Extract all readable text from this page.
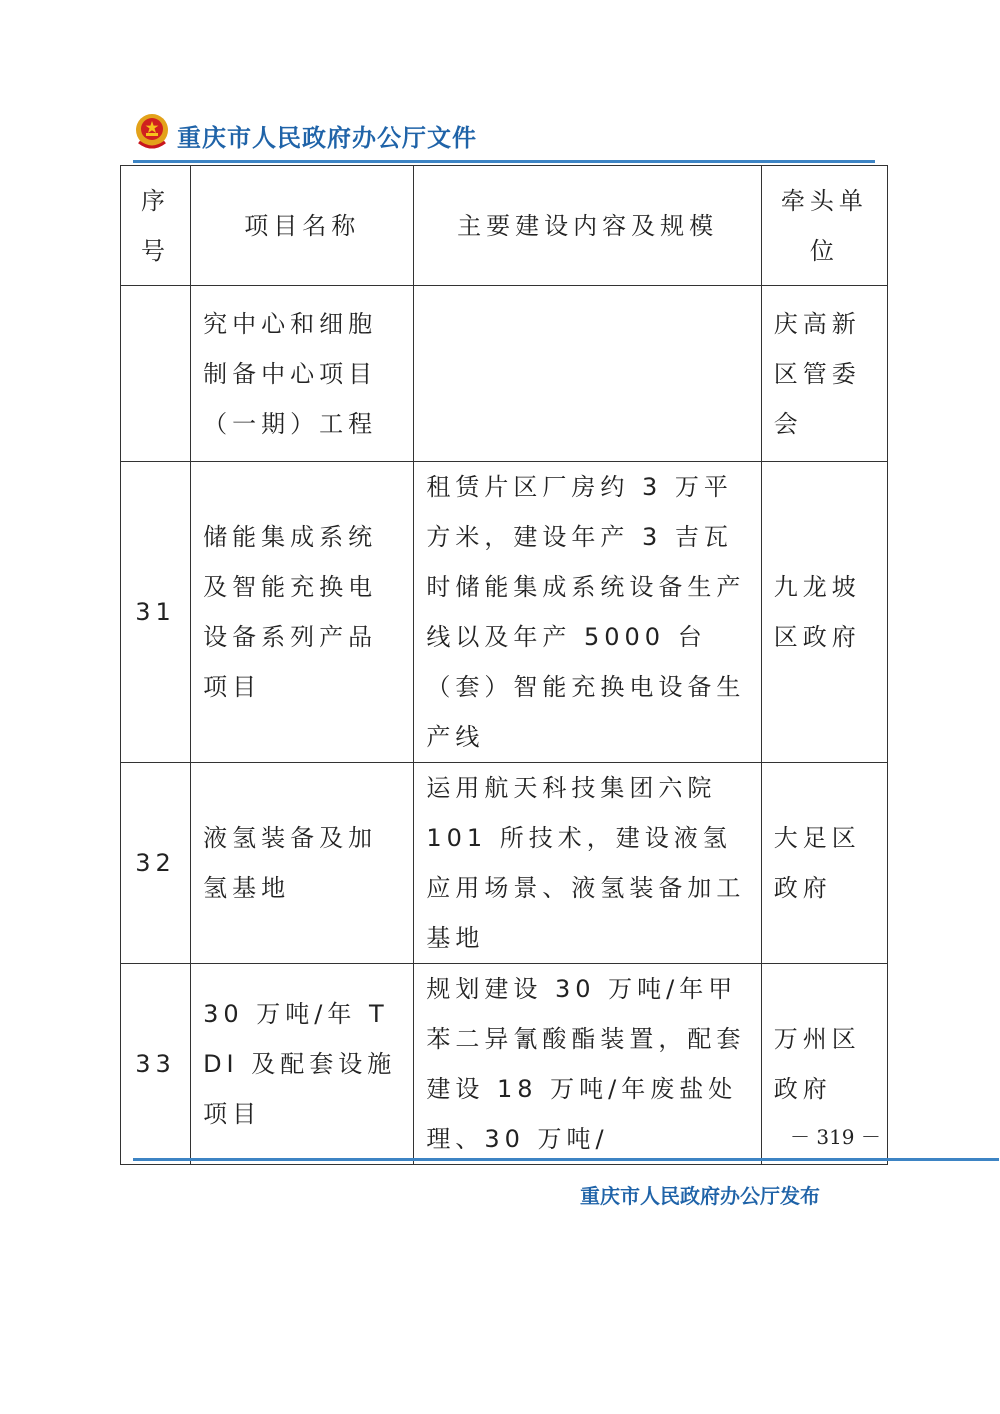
重庆市人民政府办公厅文件
序号	项目名称	主要建设内容及规模	牵头单位
	究中心和细胞制备中心项目（一期）工程		庆高新区管委会
31	储能集成系统及智能充换电设备系列产品项目	租赁片区厂房约 3 万平方米，建设年产 3 吉瓦时储能集成系统设备生产线以及年产 5000 台（套）智能充换电设备生产线	九龙坡区政府
32	液氢装备及加氢基地	运用航天科技集团六院 101 所技术，建设液氢应用场景、液氢装备加工基地	大足区政府
33	30 万吨/年 TDI 及配套设施项目	规划建设 30 万吨/年甲苯二异氰酸酯装置，配套建设 18 万吨/年废盐处理、30 万吨/	万州区政府
－ 319 －
重庆市人民政府办公厅发布
